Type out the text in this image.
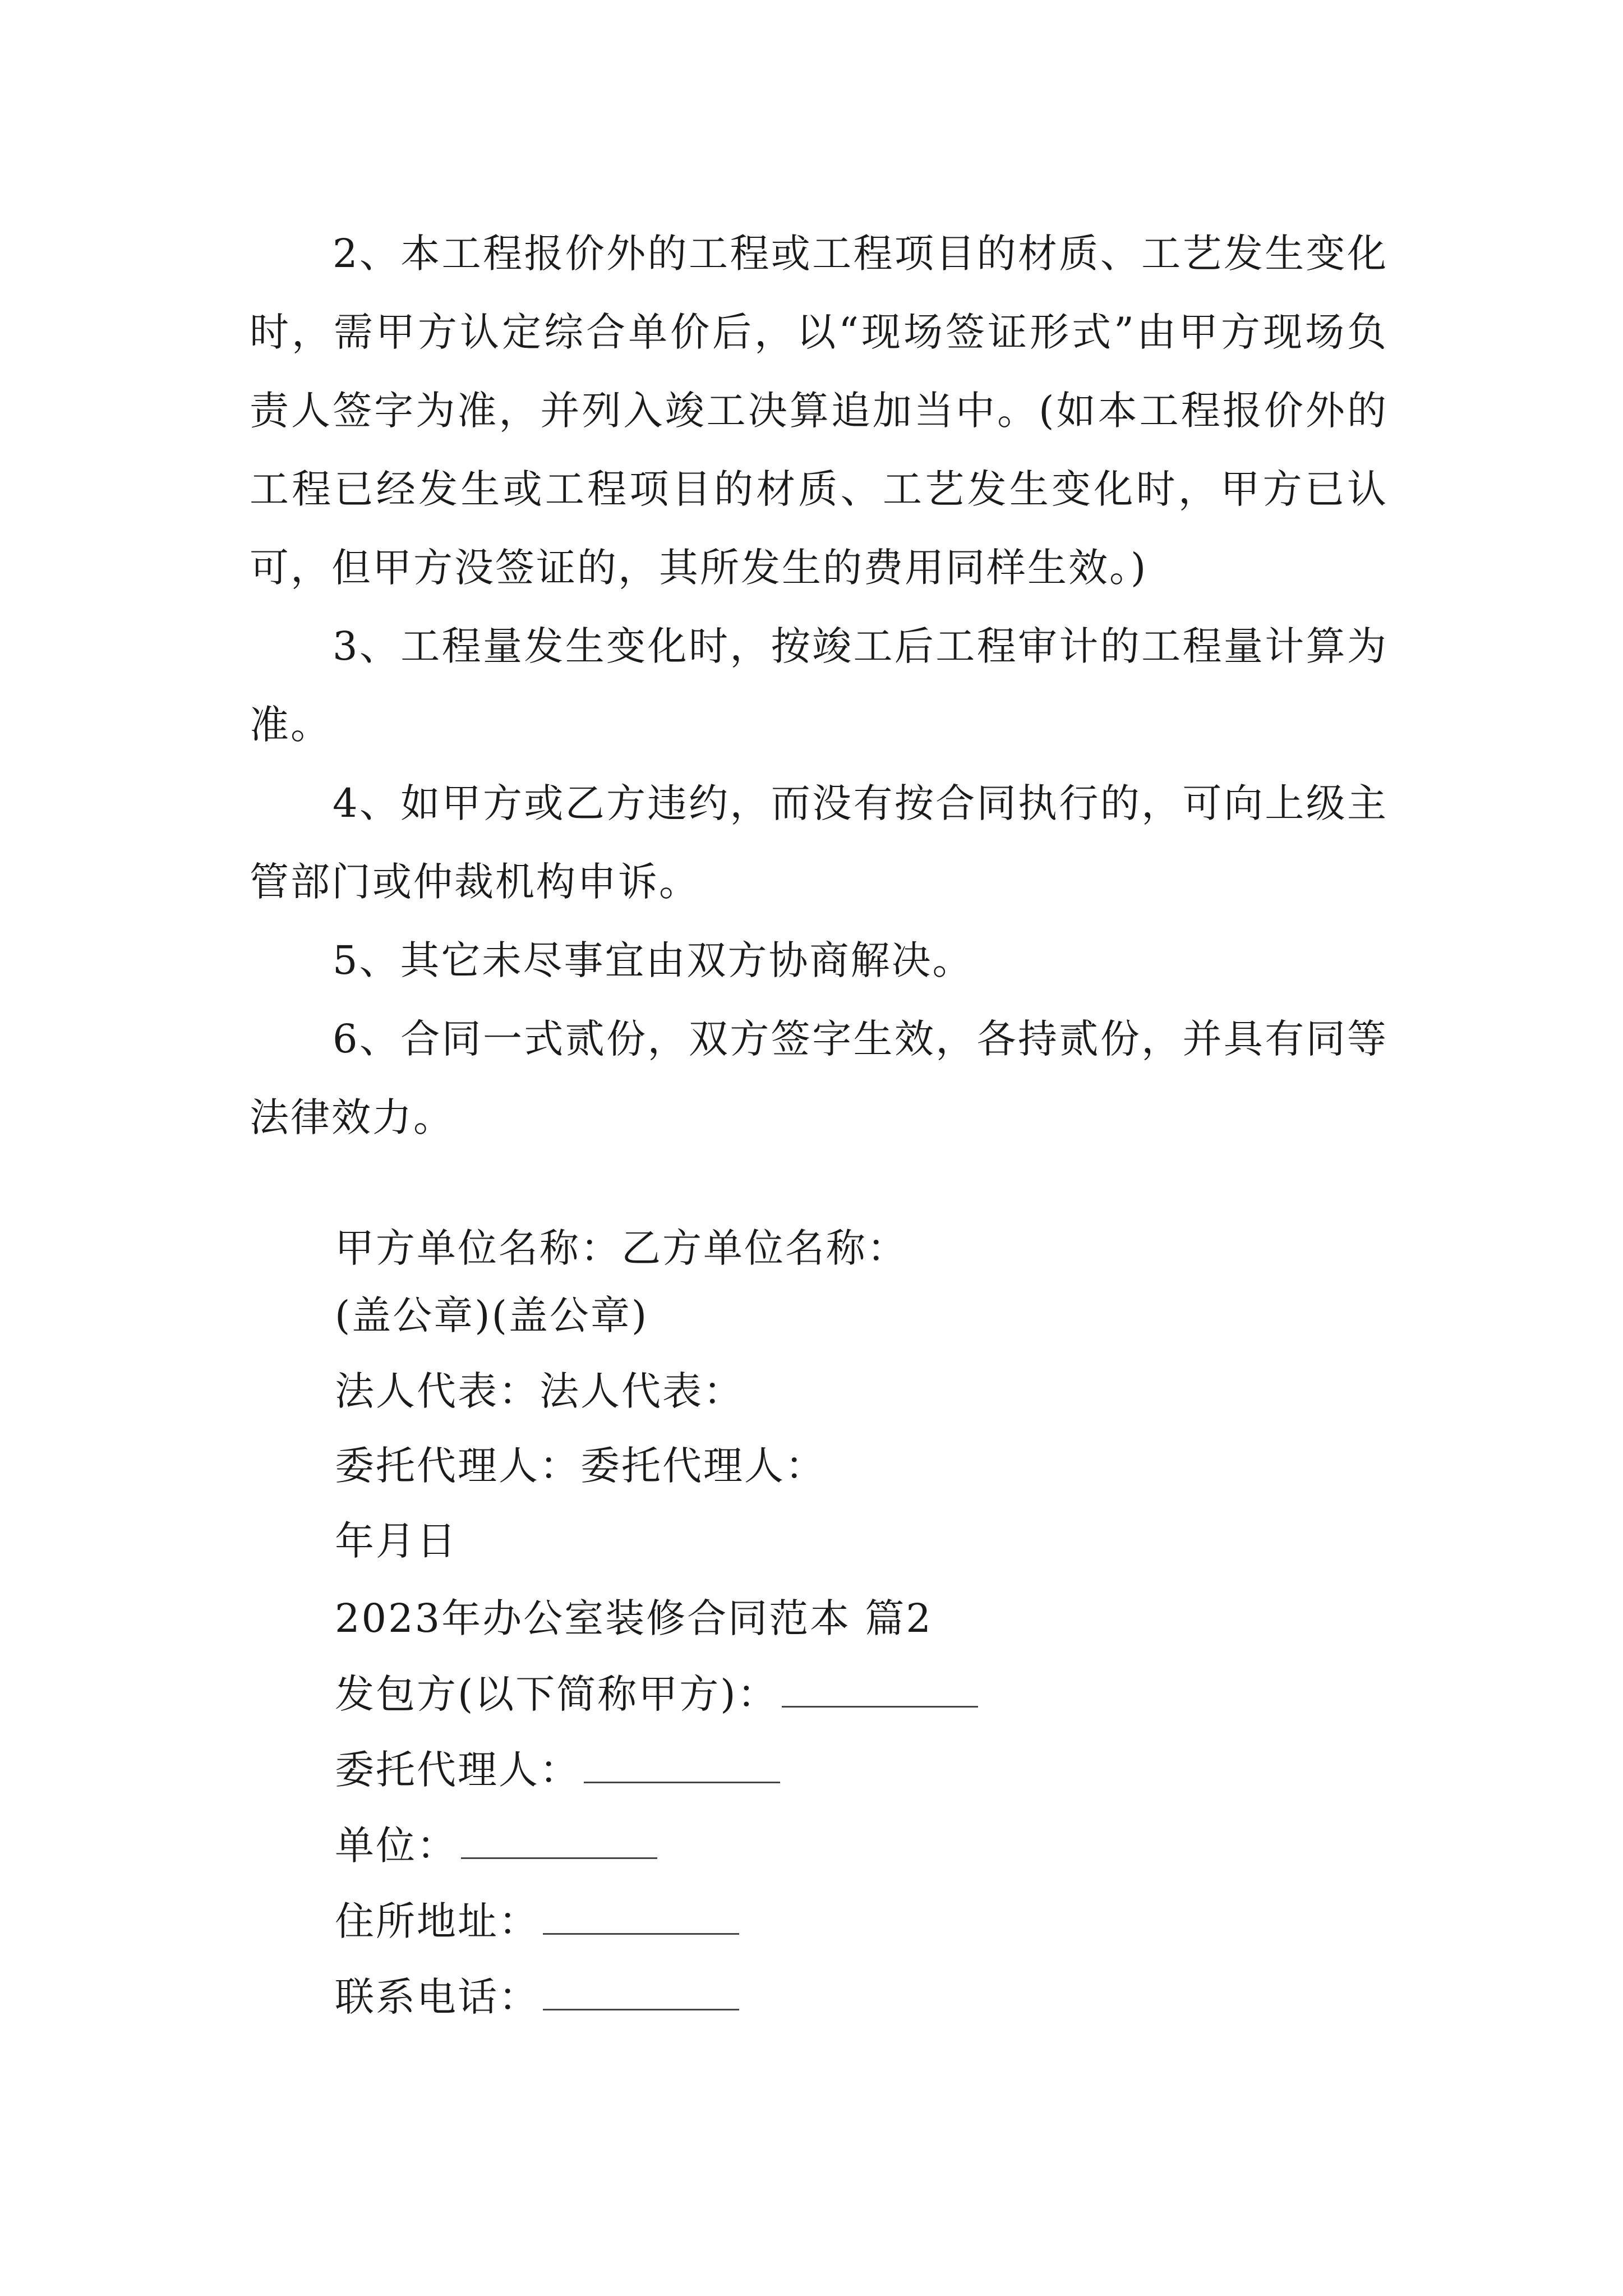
2、本工程报价外的工程或工程项目的材质、工艺发生变化时，需甲方认定综合单价后，以“现场签证形式”由甲方现场负责人签字为准，并列入竣工决算追加当中。(如本工程报价外的工程已经发生或工程项目的材质、工艺发生变化时，甲方已认可，但甲方没签证的，其所发生的费用同样生效。)

3、工程量发生变化时，按竣工后工程审计的工程量计算为准。

4、如甲方或乙方违约，而没有按合同执行的，可向上级主管部门或仲裁机构申诉。

5、其它未尽事宜由双方协商解决。

6、合同一式贰份，双方签字生效，各持贰份，并具有同等法律效力。

甲方单位名称：乙方单位名称：

(盖公章)(盖公章)

法人代表：法人代表：

委托代理人：委托代理人：

年月日

2023年办公室装修合同范本 篇2

发包方(以下简称甲方)：

委托代理人：

单位：

住所地址：

联系电话：
